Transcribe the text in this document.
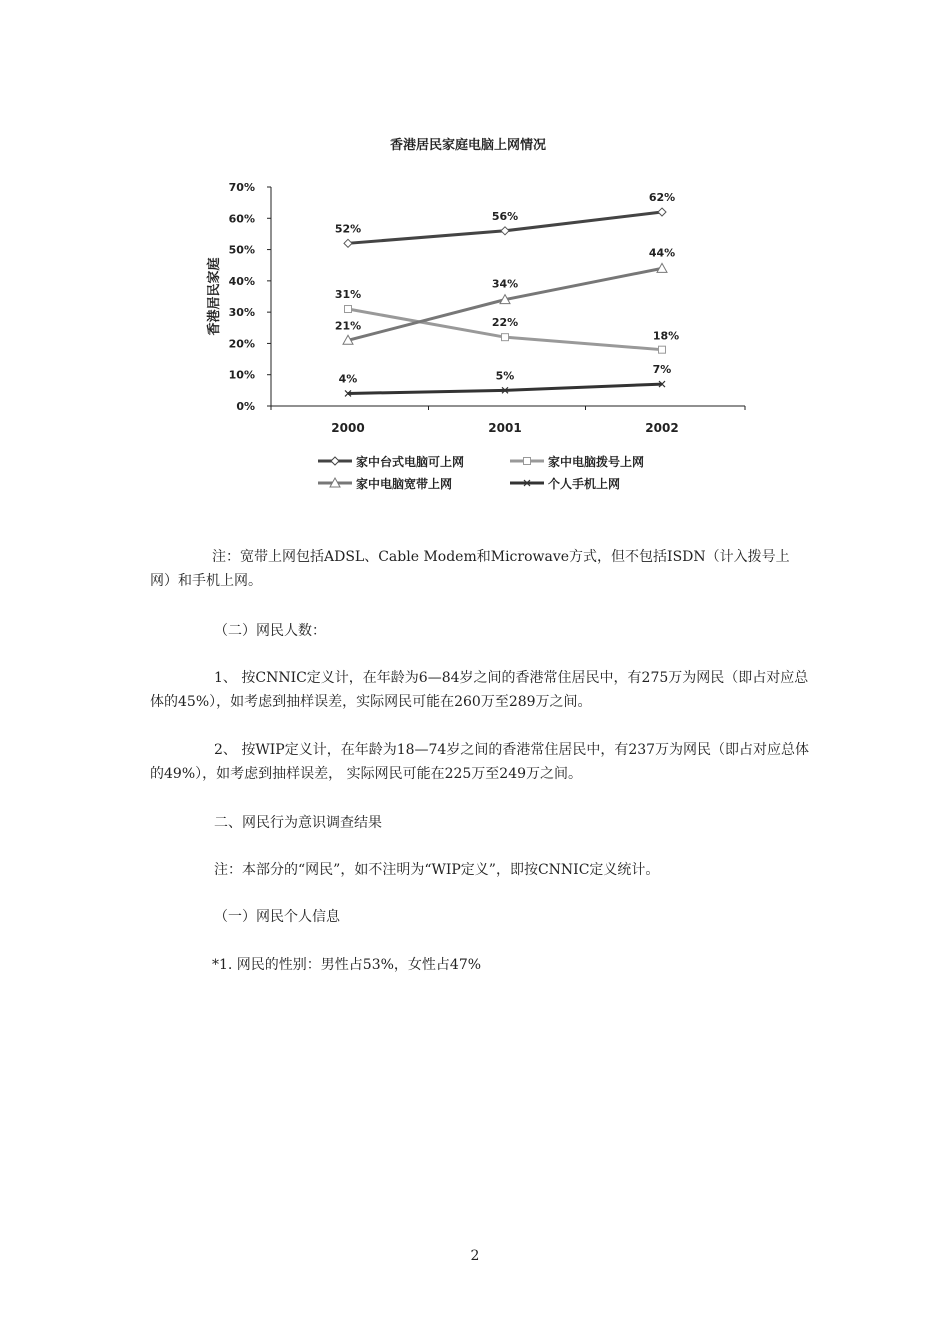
香港居民家庭电脑上网情况
香港居民家庭
0%
10%
20%
30%
40%
50%
60%
70%
2000	2001	2002
52%
56%
62%
31%
22%
18%
21%
34%
44%
4%	5%	7%
家中台式电脑可上网	家中电脑拨号上网
家中电脑宽带上网	个人手机上网

注：宽带上网包括ADSL、Cable Modem和Microwave方式，但不包括ISDN（计入拨号上网）和手机上网。

（二）网民人数：

1、 按CNNIC定义计，在年龄为6—84岁之间的香港常住居民中，有275万为网民（即占对应总体的45%），如考虑到抽样误差，实际网民可能在260万至289万之间。

2、 按WIP定义计，在年龄为18—74岁之间的香港常住居民中，有237万为网民（即占对应总体的49%），如考虑到抽样误差， 实际网民可能在225万至249万之间。

二、网民行为意识调查结果

注：本部分的“网民”，如不注明为“WIP定义”，即按CNNIC定义统计。

（一）网民个人信息

*1. 网民的性别：男性占53%，女性占47%

2
